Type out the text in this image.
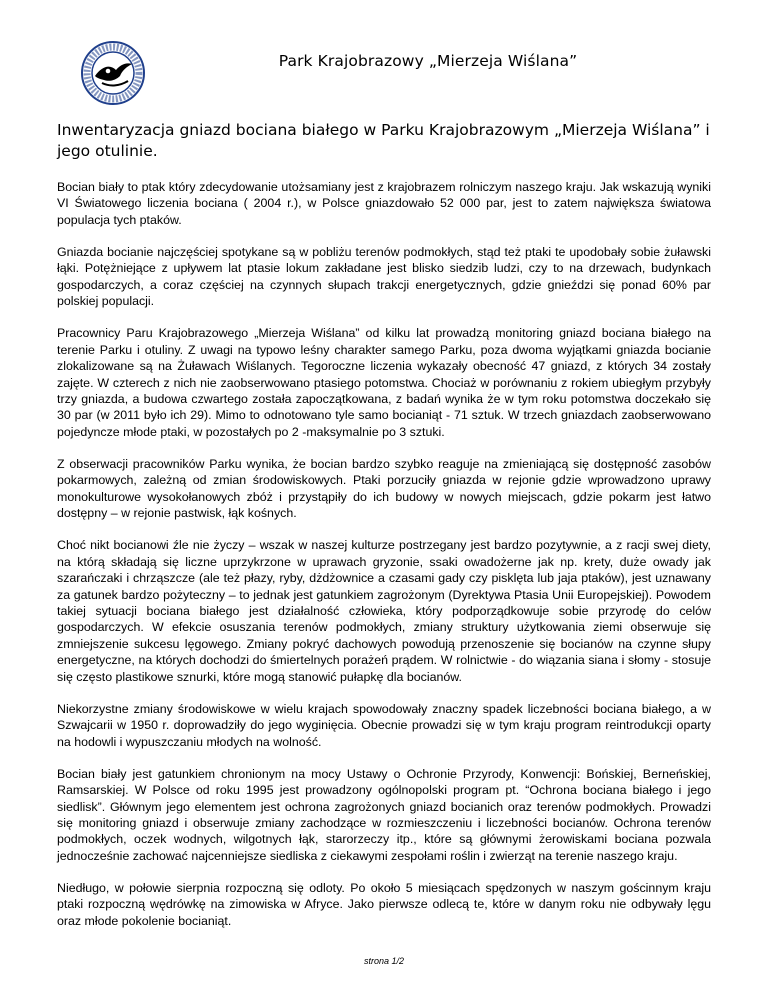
Park Krajobrazowy „Mierzeja Wiślana”
Inwentaryzacja gniazd bociana białego w Parku Krajobrazowym „Mierzeja Wiślana” i jego otulinie.

Bocian biały to ptak który zdecydowanie utożsamiany jest z krajobrazem rolniczym naszego kraju. Jak wskazują wyniki VI Światowego liczenia bociana ( 2004 r.), w Polsce gniazdowało 52 000 par, jest to zatem największa światowa populacja tych ptaków.

Gniazda bocianie najczęściej spotykane są w pobliżu terenów podmokłych, stąd też ptaki te upodobały sobie żuławski łąki. Potężniejące z upływem lat ptasie lokum zakładane jest blisko siedzib ludzi, czy to na drzewach, budynkach gospodarczych, a coraz częściej na czynnych słupach trakcji energetycznych, gdzie gnieździ się ponad 60% par polskiej populacji.

Pracownicy Paru Krajobrazowego „Mierzeja Wiślana” od kilku lat prowadzą monitoring gniazd bociana białego na terenie Parku i otuliny. Z uwagi na typowo leśny charakter samego Parku, poza dwoma wyjątkami gniazda bocianie zlokalizowane są na Żuławach Wiślanych. Tegoroczne liczenia wykazały obecność 47 gniazd, z których 34 zostały zajęte. W czterech z nich nie zaobserwowano ptasiego potomstwa. Chociaż w porównaniu z rokiem ubiegłym przybyły trzy gniazda, a budowa czwartego została zapoczątkowana, z badań wynika że w tym roku potomstwa doczekało się 30 par (w 2011 było ich 29). Mimo to odnotowano tyle samo bocianiąt - 71 sztuk. W trzech gniazdach zaobserwowano pojedyncze młode ptaki, w pozostałych po 2 -maksymalnie po 3 sztuki.

Z obserwacji pracowników Parku wynika, że bocian bardzo szybko reaguje na zmieniającą się dostępność zasobów pokarmowych, zależną od zmian środowiskowych. Ptaki porzuciły gniazda w rejonie gdzie wprowadzono uprawy monokulturowe wysokołanowych zbóż i przystąpiły do ich budowy w nowych miejscach, gdzie pokarm jest łatwo dostępny – w rejonie pastwisk, łąk kośnych.

Choć nikt bocianowi źle nie życzy – wszak w naszej kulturze postrzegany jest bardzo pozytywnie, a z racji swej diety, na którą składają się liczne uprzykrzone w uprawach gryzonie, ssaki owadożerne jak np. krety, duże owady jak szarańczaki i chrząszcze (ale też płazy, ryby, dżdżownice a czasami gady czy pisklęta lub jaja ptaków), jest uznawany za gatunek bardzo pożyteczny – to jednak jest gatunkiem zagrożonym (Dyrektywa Ptasia Unii Europejskiej). Powodem takiej sytuacji bociana białego jest działalność człowieka, który podporządkowuje sobie przyrodę do celów gospodarczych. W efekcie osuszania terenów podmokłych, zmiany struktury użytkowania ziemi obserwuje się zmniejszenie sukcesu lęgowego. Zmiany pokryć dachowych powodują przenoszenie się bocianów na czynne słupy energetyczne, na których dochodzi do śmiertelnych porażeń prądem. W rolnictwie - do wiązania siana i słomy - stosuje się często plastikowe sznurki, które mogą stanowić pułapkę dla bocianów.

Niekorzystne zmiany środowiskowe w wielu krajach spowodowały znaczny spadek liczebności bociana białego, a w Szwajcarii w 1950 r. doprowadziły do jego wyginięcia. Obecnie prowadzi się w tym kraju program reintrodukcji oparty na hodowli i wypuszczaniu młodych na wolność.

Bocian biały jest gatunkiem chronionym na mocy Ustawy o Ochronie Przyrody, Konwencji: Bońskiej, Berneńskiej, Ramsarskiej. W Polsce od roku 1995 jest prowadzony ogólnopolski program pt. “Ochrona bociana białego i jego siedlisk”. Głównym jego elementem jest ochrona zagrożonych gniazd bocianich oraz terenów podmokłych. Prowadzi się monitoring gniazd i obserwuje zmiany zachodzące w rozmieszczeniu i liczebności bocianów. Ochrona terenów podmokłych, oczek wodnych, wilgotnych łąk, starorzeczy itp., które są głównymi żerowiskami bociana pozwala jednocześnie zachować najcenniejsze siedliska z ciekawymi zespołami roślin i zwierząt na terenie naszego kraju.

Niedługo, w połowie sierpnia rozpoczną się odloty. Po około 5 miesiącach spędzonych w naszym gościnnym kraju ptaki rozpoczną wędrówkę na zimowiska w Afryce. Jako pierwsze odlecą te, które w danym roku nie odbywały lęgu oraz młode pokolenie bocianiąt.

strona 1/2
